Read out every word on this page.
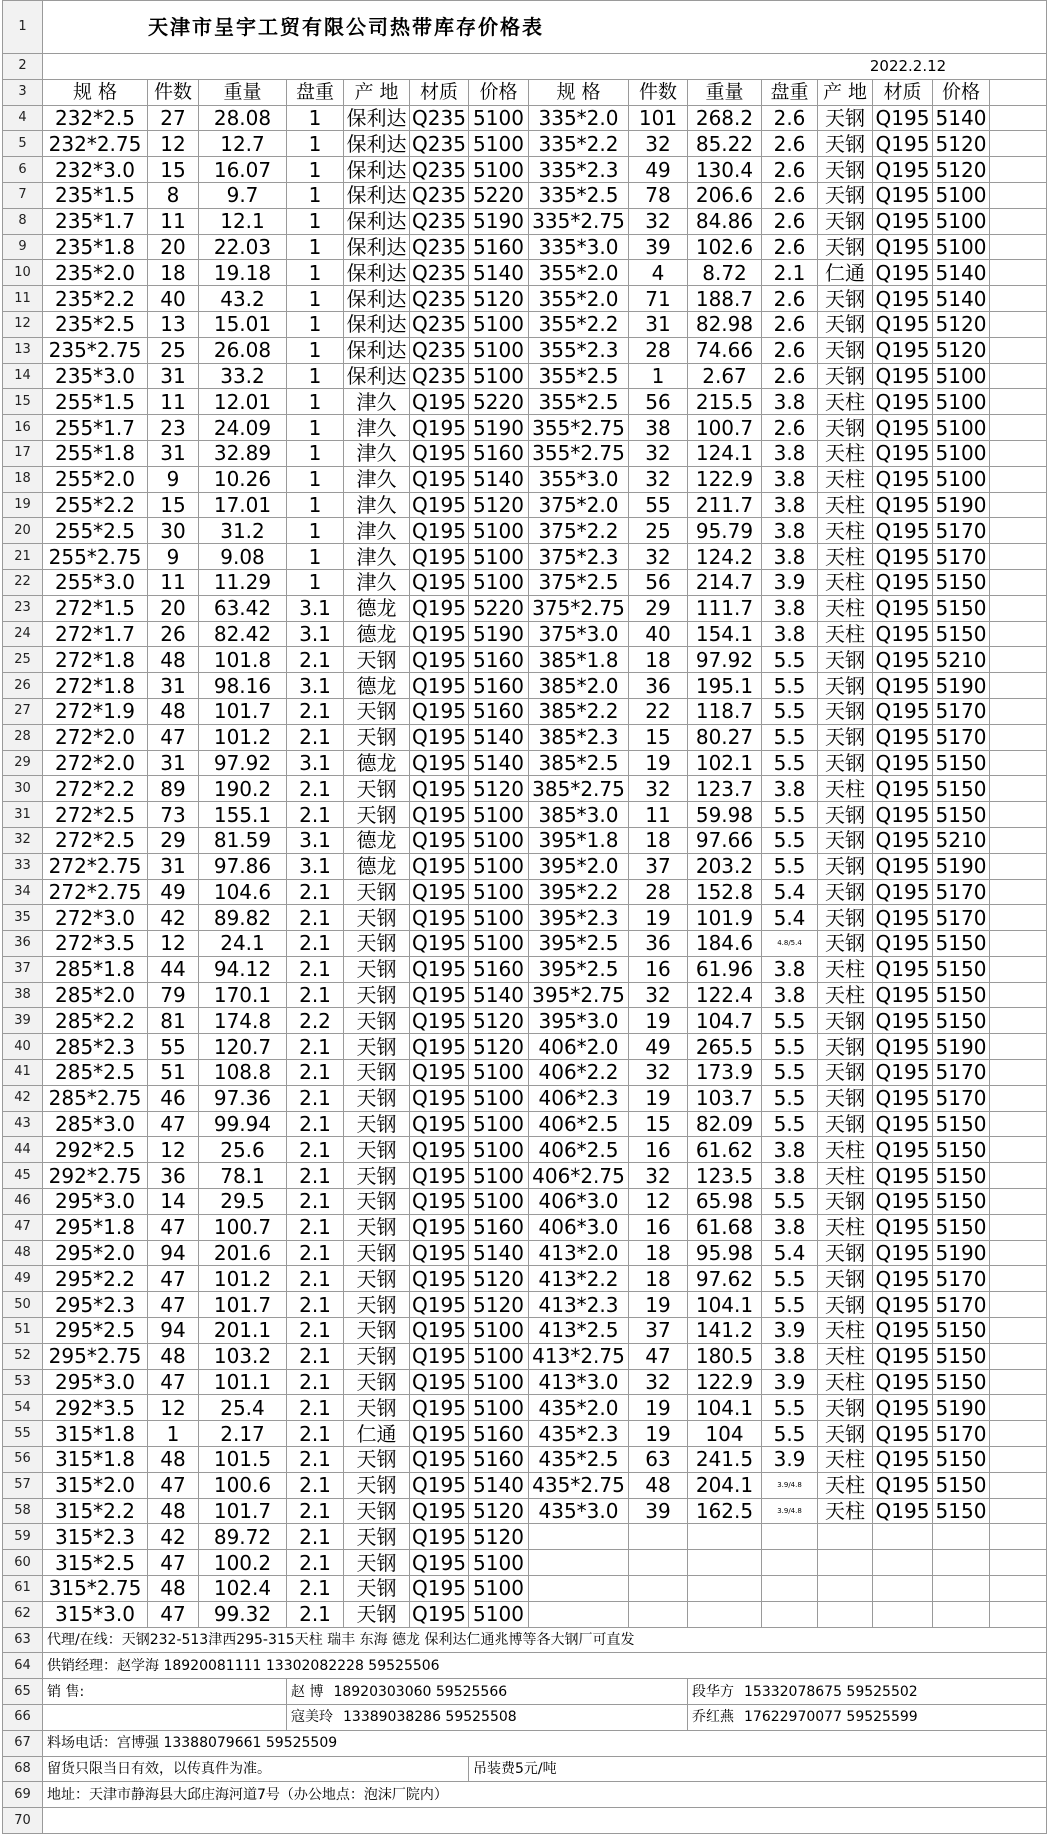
1	天津市呈宇工贸有限公司热带库存价格表														
2	2022.2.12														
3	规 格	件数	重量	盘重	产 地	材质	价格	规 格	件数	重量	盘重	产 地	材质	价格	
4	232*2.5	27	28.08	1	保利达	Q235	5100	335*2.0	101	268.2	2.6	天钢	Q195	5140	
5	232*2.75	12	12.7	1	保利达	Q235	5100	335*2.2	32	85.22	2.6	天钢	Q195	5120	
6	232*3.0	15	16.07	1	保利达	Q235	5100	335*2.3	49	130.4	2.6	天钢	Q195	5120	
7	235*1.5	8	9.7	1	保利达	Q235	5220	335*2.5	78	206.6	2.6	天钢	Q195	5100	
8	235*1.7	11	12.1	1	保利达	Q235	5190	335*2.75	32	84.86	2.6	天钢	Q195	5100	
9	235*1.8	20	22.03	1	保利达	Q235	5160	335*3.0	39	102.6	2.6	天钢	Q195	5100	
10	235*2.0	18	19.18	1	保利达	Q235	5140	355*2.0	4	8.72	2.1	仁通	Q195	5140	
11	235*2.2	40	43.2	1	保利达	Q235	5120	355*2.0	71	188.7	2.6	天钢	Q195	5140	
12	235*2.5	13	15.01	1	保利达	Q235	5100	355*2.2	31	82.98	2.6	天钢	Q195	5120	
13	235*2.75	25	26.08	1	保利达	Q235	5100	355*2.3	28	74.66	2.6	天钢	Q195	5120	
14	235*3.0	31	33.2	1	保利达	Q235	5100	355*2.5	1	2.67	2.6	天钢	Q195	5100	
15	255*1.5	11	12.01	1	津久	Q195	5220	355*2.5	56	215.5	3.8	天柱	Q195	5100	
16	255*1.7	23	24.09	1	津久	Q195	5190	355*2.75	38	100.7	2.6	天钢	Q195	5100	
17	255*1.8	31	32.89	1	津久	Q195	5160	355*2.75	32	124.1	3.8	天柱	Q195	5100	
18	255*2.0	9	10.26	1	津久	Q195	5140	355*3.0	32	122.9	3.8	天柱	Q195	5100	
19	255*2.2	15	17.01	1	津久	Q195	5120	375*2.0	55	211.7	3.8	天柱	Q195	5190	
20	255*2.5	30	31.2	1	津久	Q195	5100	375*2.2	25	95.79	3.8	天柱	Q195	5170	
21	255*2.75	9	9.08	1	津久	Q195	5100	375*2.3	32	124.2	3.8	天柱	Q195	5170	
22	255*3.0	11	11.29	1	津久	Q195	5100	375*2.5	56	214.7	3.9	天柱	Q195	5150	
23	272*1.5	20	63.42	3.1	德龙	Q195	5220	375*2.75	29	111.7	3.8	天柱	Q195	5150	
24	272*1.7	26	82.42	3.1	德龙	Q195	5190	375*3.0	40	154.1	3.8	天柱	Q195	5150	
25	272*1.8	48	101.8	2.1	天钢	Q195	5160	385*1.8	18	97.92	5.5	天钢	Q195	5210	
26	272*1.8	31	98.16	3.1	德龙	Q195	5160	385*2.0	36	195.1	5.5	天钢	Q195	5190	
27	272*1.9	48	101.7	2.1	天钢	Q195	5160	385*2.2	22	118.7	5.5	天钢	Q195	5170	
28	272*2.0	47	101.2	2.1	天钢	Q195	5140	385*2.3	15	80.27	5.5	天钢	Q195	5170	
29	272*2.0	31	97.92	3.1	德龙	Q195	5140	385*2.5	19	102.1	5.5	天钢	Q195	5150	
30	272*2.2	89	190.2	2.1	天钢	Q195	5120	385*2.75	32	123.7	3.8	天柱	Q195	5150	
31	272*2.5	73	155.1	2.1	天钢	Q195	5100	385*3.0	11	59.98	5.5	天钢	Q195	5150	
32	272*2.5	29	81.59	3.1	德龙	Q195	5100	395*1.8	18	97.66	5.5	天钢	Q195	5210	
33	272*2.75	31	97.86	3.1	德龙	Q195	5100	395*2.0	37	203.2	5.5	天钢	Q195	5190	
34	272*2.75	49	104.6	2.1	天钢	Q195	5100	395*2.2	28	152.8	5.4	天钢	Q195	5170	
35	272*3.0	42	89.82	2.1	天钢	Q195	5100	395*2.3	19	101.9	5.4	天钢	Q195	5170	
36	272*3.5	12	24.1	2.1	天钢	Q195	5100	395*2.5	36	184.6	4.8/5.4	天钢	Q195	5150	
37	285*1.8	44	94.12	2.1	天钢	Q195	5160	395*2.5	16	61.96	3.8	天柱	Q195	5150	
38	285*2.0	79	170.1	2.1	天钢	Q195	5140	395*2.75	32	122.4	3.8	天柱	Q195	5150	
39	285*2.2	81	174.8	2.2	天钢	Q195	5120	395*3.0	19	104.7	5.5	天钢	Q195	5150	
40	285*2.3	55	120.7	2.1	天钢	Q195	5120	406*2.0	49	265.5	5.5	天钢	Q195	5190	
41	285*2.5	51	108.8	2.1	天钢	Q195	5100	406*2.2	32	173.9	5.5	天钢	Q195	5170	
42	285*2.75	46	97.36	2.1	天钢	Q195	5100	406*2.3	19	103.7	5.5	天钢	Q195	5170	
43	285*3.0	47	99.94	2.1	天钢	Q195	5100	406*2.5	15	82.09	5.5	天钢	Q195	5150	
44	292*2.5	12	25.6	2.1	天钢	Q195	5100	406*2.5	16	61.62	3.8	天柱	Q195	5150	
45	292*2.75	36	78.1	2.1	天钢	Q195	5100	406*2.75	32	123.5	3.8	天柱	Q195	5150	
46	295*3.0	14	29.5	2.1	天钢	Q195	5100	406*3.0	12	65.98	5.5	天钢	Q195	5150	
47	295*1.8	47	100.7	2.1	天钢	Q195	5160	406*3.0	16	61.68	3.8	天柱	Q195	5150	
48	295*2.0	94	201.6	2.1	天钢	Q195	5140	413*2.0	18	95.98	5.4	天钢	Q195	5190	
49	295*2.2	47	101.2	2.1	天钢	Q195	5120	413*2.2	18	97.62	5.5	天钢	Q195	5170	
50	295*2.3	47	101.7	2.1	天钢	Q195	5120	413*2.3	19	104.1	5.5	天钢	Q195	5170	
51	295*2.5	94	201.1	2.1	天钢	Q195	5100	413*2.5	37	141.2	3.9	天柱	Q195	5150	
52	295*2.75	48	103.2	2.1	天钢	Q195	5100	413*2.75	47	180.5	3.8	天柱	Q195	5150	
53	295*3.0	47	101.1	2.1	天钢	Q195	5100	413*3.0	32	122.9	3.9	天柱	Q195	5150	
54	292*3.5	12	25.4	2.1	天钢	Q195	5100	435*2.0	19	104.1	5.5	天钢	Q195	5190	
55	315*1.8	1	2.17	2.1	仁通	Q195	5160	435*2.3	19	104	5.5	天钢	Q195	5170	
56	315*1.8	48	101.5	2.1	天钢	Q195	5160	435*2.5	63	241.5	3.9	天柱	Q195	5150	
57	315*2.0	47	100.6	2.1	天钢	Q195	5140	435*2.75	48	204.1	3.9/4.8	天柱	Q195	5150	
58	315*2.2	48	101.7	2.1	天钢	Q195	5120	435*3.0	39	162.5	3.9/4.8	天柱	Q195	5150	
59	315*2.3	42	89.72	2.1	天钢	Q195	5120								
60	315*2.5	47	100.2	2.1	天钢	Q195	5100								
61	315*2.75	48	102.4	2.1	天钢	Q195	5100								
62	315*3.0	47	99.32	2.1	天钢	Q195	5100								
63	代理/在线：天钢232-513津西295-315天柱 瑞丰 东海 德龙 保利达仁通兆博等各大钢厂可直发														
64	供销经理：赵学海 18920081111 13302082228 59525506														
65	销 售:			赵 博 18920303060 59525566						段华方 15332078675 59525502					
66				寇美玲 13389038286 59525508						乔红燕 17622970077 59525599					
67	料场电话：宫博强 13388079661 59525509														
68	留货只限当日有效，以传真件为准。						吊装费5元/吨								
69	地址：天津市静海县大邱庄海河道7号（办公地点：泡沫厂院内）														
70															
